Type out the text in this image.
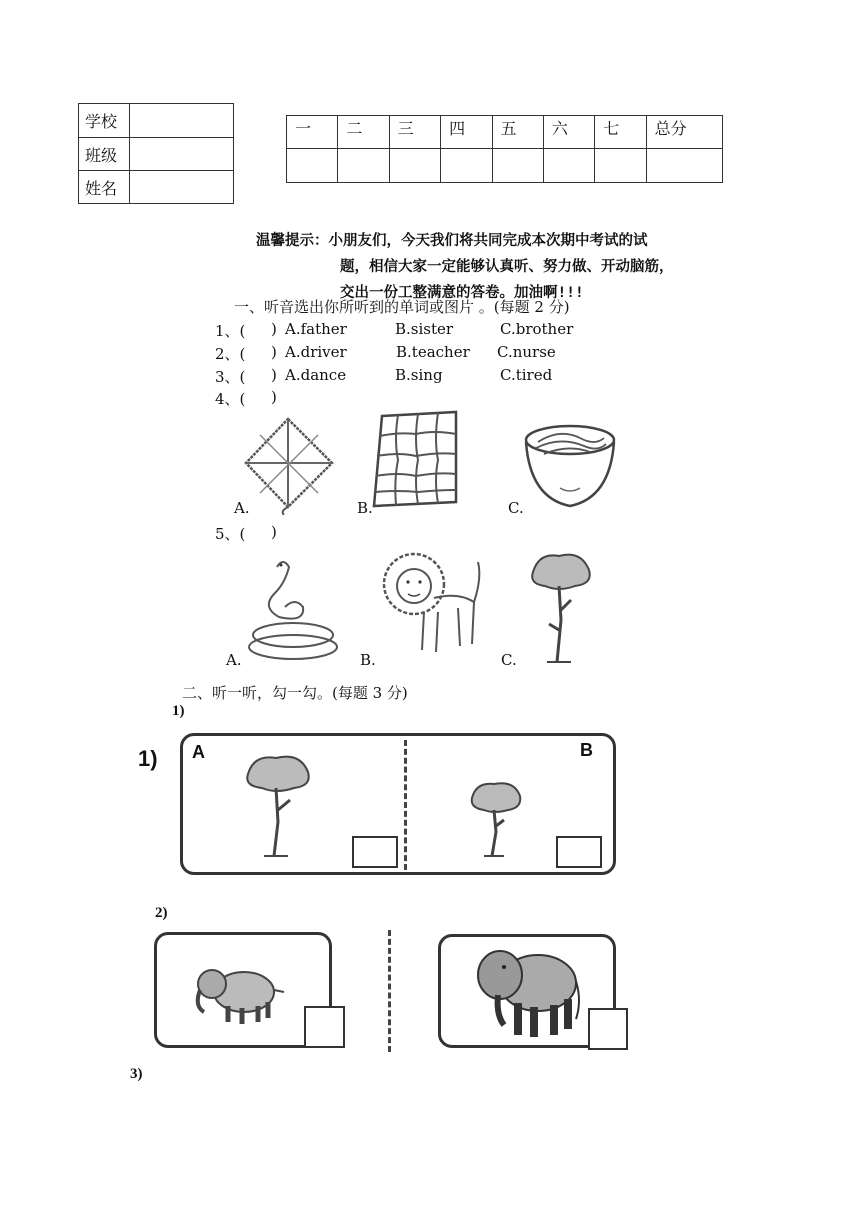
学校	
班级	
姓名	
一	二	三	四	五	六	七	总分

温馨提示：小朋友们，今天我们将共同完成本次期中考试的试
题，相信大家一定能够认真听、努力做、开动脑筋，
交出一份工整满意的答卷。加油啊!!!
一、听音选出你所听到的单词或图片 。(每题 2 分)
1、( ) A.father	B.sister	C.brother
2、( ) A.driver	B.teacher C.nurse
3、( ) A.dance	B.sing	C.tired
4、( )
A.	B.	C.
5、( )
A.	B.	C.
二、听一听，勾一勾。(每题 3 分)
1)
1) A	B
2)
3)
